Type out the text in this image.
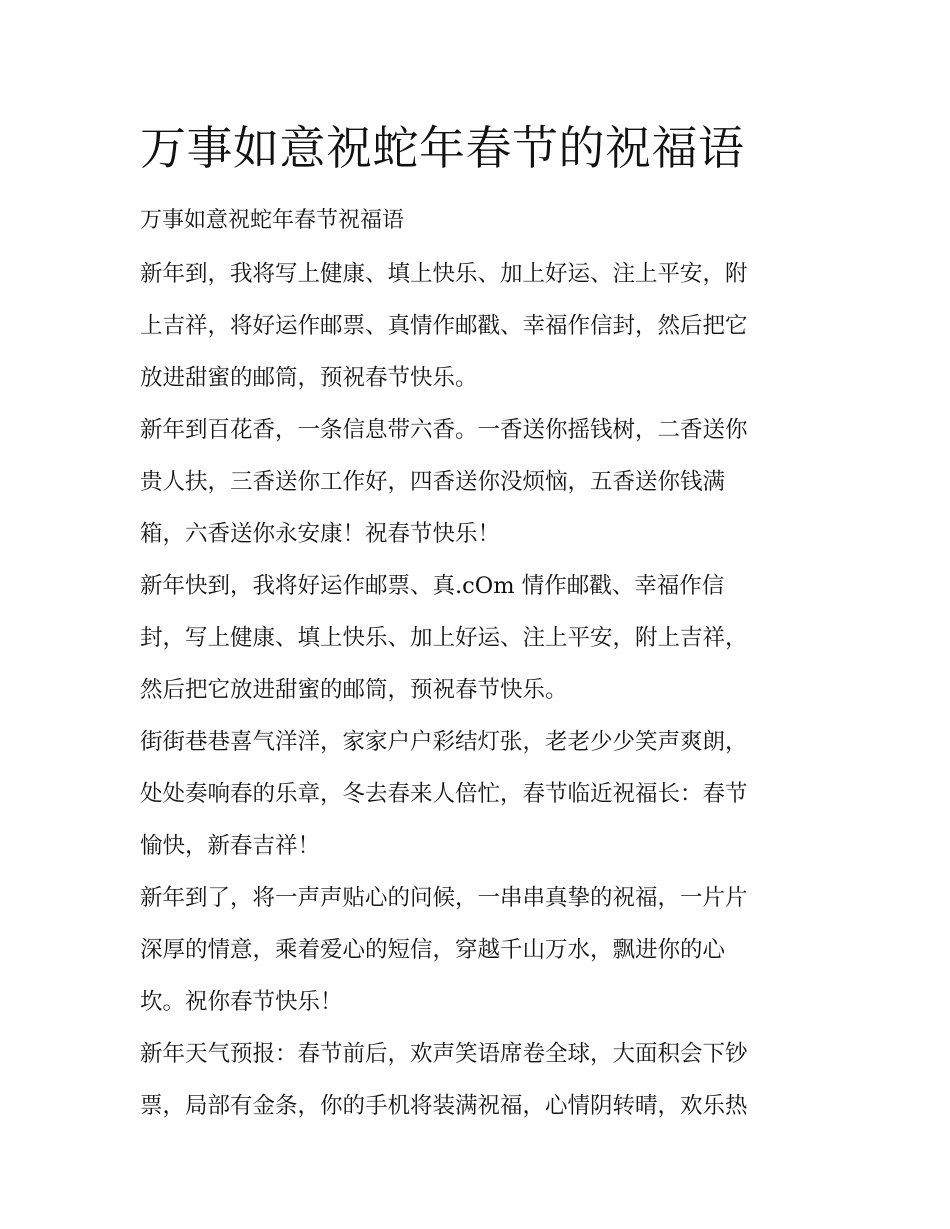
万事如意祝蛇年春节的祝福语

万事如意祝蛇年春节祝福语

新年到，我将写上健康、填上快乐、加上好运、注上平安，附
上吉祥，将好运作邮票、真情作邮戳、幸福作信封，然后把它
放进甜蜜的邮筒，预祝春节快乐。

新年到百花香，一条信息带六香。一香送你摇钱树，二香送你
贵人扶，三香送你工作好，四香送你没烦恼，五香送你钱满
箱，六香送你永安康！祝春节快乐！

新年快到，我将好运作邮票、真.cOm 情作邮戳、幸福作信
封，写上健康、填上快乐、加上好运、注上平安，附上吉祥，
然后把它放进甜蜜的邮筒，预祝春节快乐。

街街巷巷喜气洋洋，家家户户彩结灯张，老老少少笑声爽朗，
处处奏响春的乐章，冬去春来人倍忙，春节临近祝福长：春节
愉快，新春吉祥！

新年到了，将一声声贴心的问候，一串串真挚的祝福，一片片
深厚的情意，乘着爱心的短信，穿越千山万水，飘进你的心
坎。祝你春节快乐！

新年天气预报：春节前后，欢声笑语席卷全球，大面积会下钞
票，局部有金条，你的手机将装满祝福，心情阴转晴，欢乐热
